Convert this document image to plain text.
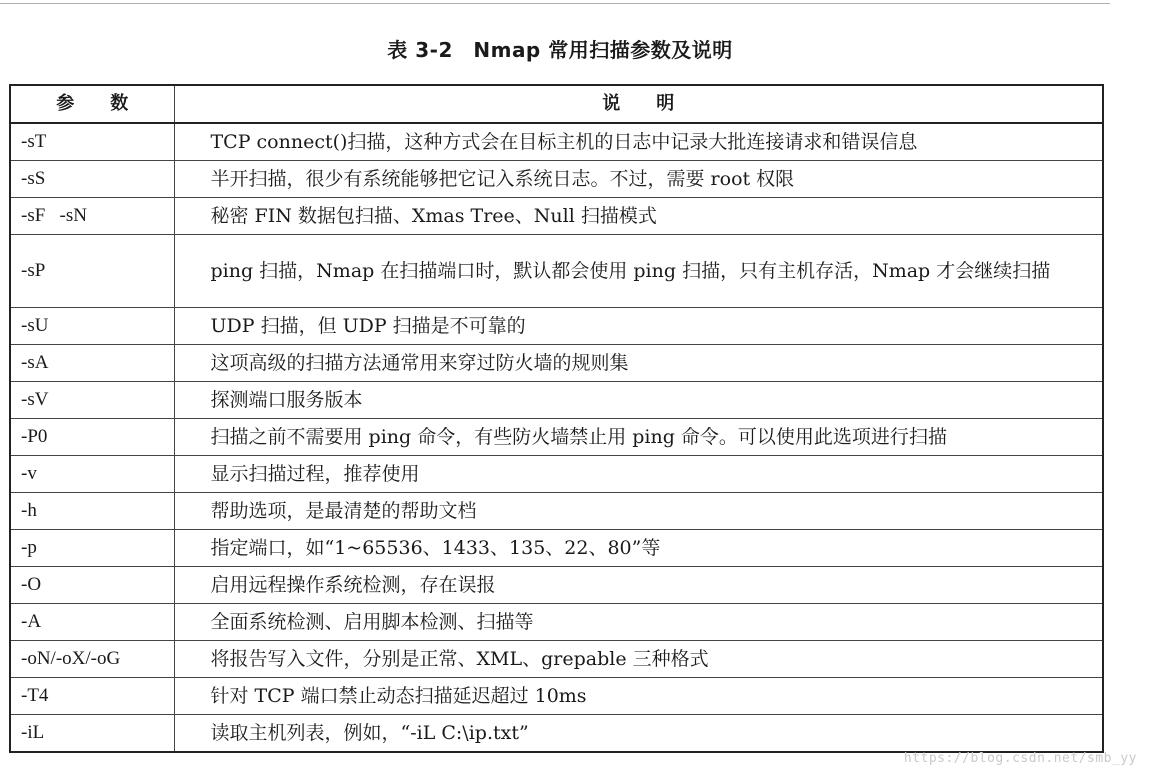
表 3-2　Nmap 常用扫描参数及说明
参　　数	说　　明
-sT	TCP connect()扫描，这种方式会在目标主机的日志中记录大批连接请求和错误信息

-sS	半开扫描，很少有系统能够把它记入系统日志。不过，需要 root 权限

-sF   -sN	秘密 FIN 数据包扫描、Xmas Tree、Null 扫描模式

-sP	ping 扫描，Nmap 在扫描端口时，默认都会使用 ping 扫描，只有主机存活，Nmap 才会继续扫描

-sU	UDP 扫描，但 UDP 扫描是不可靠的

-sA	这项高级的扫描方法通常用来穿过防火墙的规则集

-sV	探测端口服务版本

-P0	扫描之前不需要用 ping 命令，有些防火墙禁止用 ping 命令。可以使用此选项进行扫描

-v	显示扫描过程，推荐使用

-h	帮助选项，是最清楚的帮助文档

-p	指定端口，如“1~65536、1433、135、22、80”等

-O	启用远程操作系统检测，存在误报

-A	全面系统检测、启用脚本检测、扫描等

-oN/-oX/-oG	将报告写入文件，分别是正常、XML、grepable 三种格式

-T4	针对 TCP 端口禁止动态扫描延迟超过 10ms

-iL	读取主机列表，例如，“-iL C:\ip.txt”
https://blog.csdn.net/smb_yy
